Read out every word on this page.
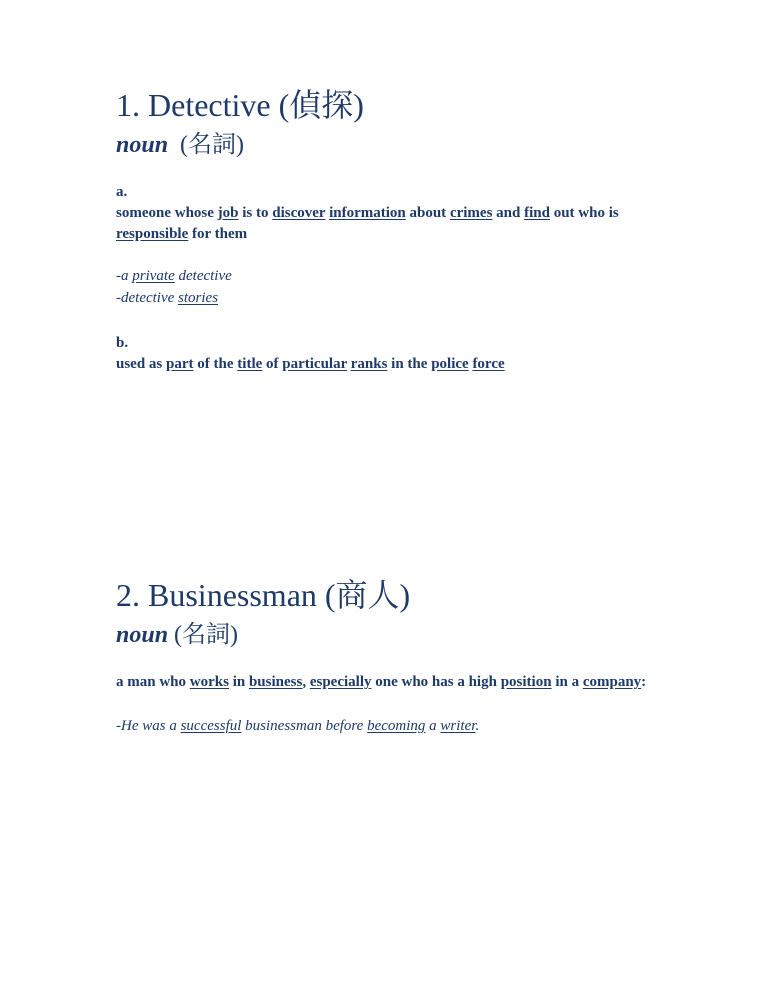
1. Detective (偵探)
noun (名詞)
a.
someone whose job is to discover information about crimes and find out who is responsible for them
-a private detective
-detective stories
b.
used as part of the title of particular ranks in the police force
2. Businessman (商人)
noun (名詞)
a man who works in business, especially one who has a high position in a company:
-He was a successful businessman before becoming a writer.
